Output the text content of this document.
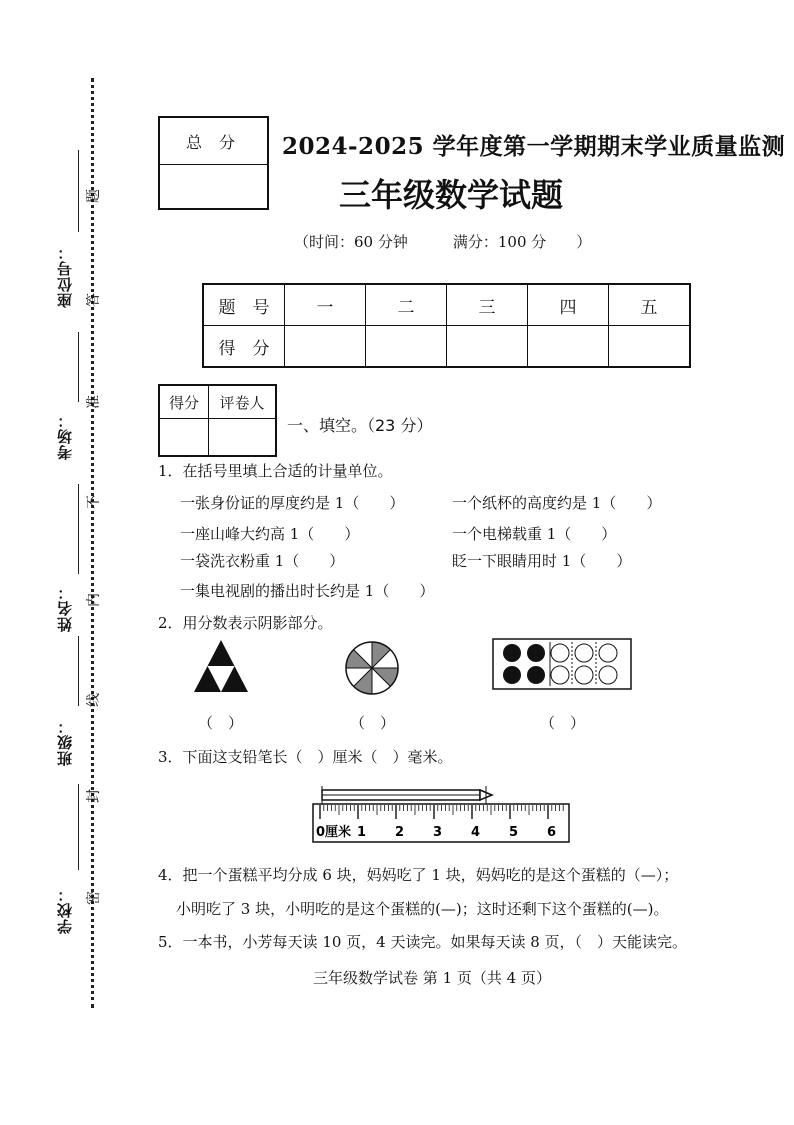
学校：
班级：
姓名：
考场：
座位号：
密
封
线
内
不
准
答
题
总 分	2024-2025 学年度第一学期期末学业质量监测
三年级数学试题
（时间：60 分钟　　　满分：100 分　　）
题　号	一	二	三	四	五
得　分					
得分	评卷人

一、填空。（23 分）
1．在括号里填上合适的计量单位。
一张身份证的厚度约是 1（　　）	一个纸杯的高度约是 1（　　）
一座山峰大约高 1（　　）	一个电梯载重 1（　　）
一袋洗衣粉重 1（　　）	眨一下眼睛用时 1（　　）
一集电视剧的播出时长约是 1（　　）
2．用分数表示阴影部分。
（　）	（　）	（　）
3．下面这支铅笔长（　）厘米（　）毫米。
0 厘米 1 2 3 4 5 6
4．把一个蛋糕平均分成 6 块，妈妈吃了 1 块，妈妈吃的是这个蛋糕的（—）；
小明吃了 3 块，小明吃的是这个蛋糕的(—)；这时还剩下这个蛋糕的(—)。
5．一本书，小芳每天读 10 页，4 天读完。如果每天读 8 页，（　）天能读完。
三年级数学试卷 第 1 页（共 4 页）
